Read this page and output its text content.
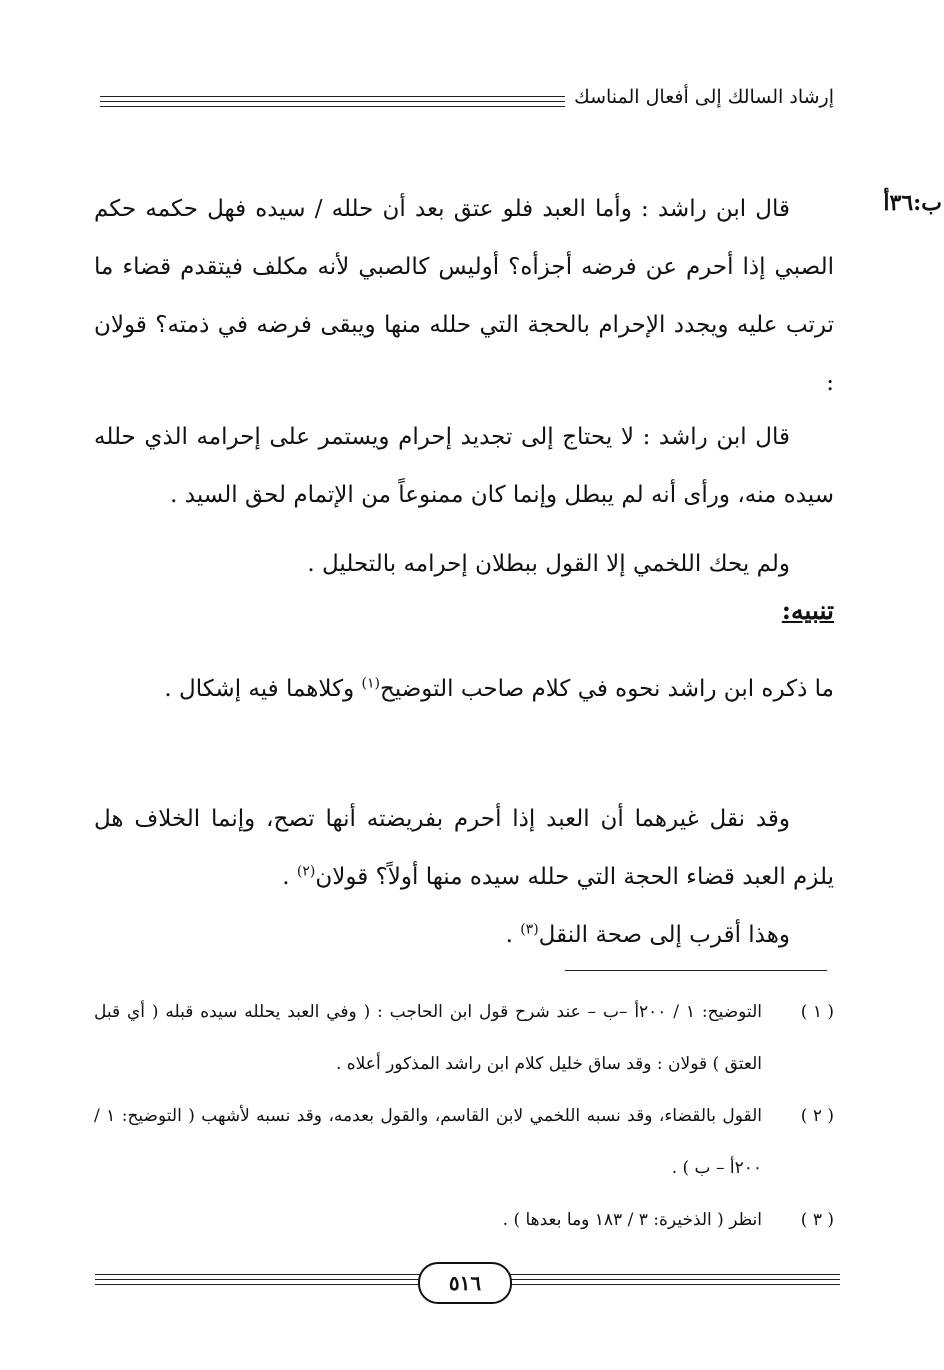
إرشاد السالك إلى أفعال المناسك
ب:٣٦أ
قال ابن راشد : وأما العبد فلو عتق بعد أن حلله / سيده فهل حكمه حكم الصبي إذا أحرم عن فرضه أجزأه؟ أوليس كالصبي لأنه مكلف فيتقدم قضاء ما ترتب عليه ويجدد الإحرام بالحجة التي حلله منها ويبقى فرضه في ذمته؟ قولان :
قال ابن راشد : لا يحتاج إلى تجديد إحرام ويستمر على إحرامه الذي حلله سيده منه، ورأى أنه لم يبطل وإنما كان ممنوعاً من الإتمام لحق السيد .
ولم يحك اللخمي إلا القول ببطلان إحرامه بالتحليل .
تنبيه:
ما ذكره ابن راشد نحوه في كلام صاحب التوضيح$^{(١)}$ وكلاهما فيه إشكال .
وقد نقل غيرهما أن العبد إذا أحرم بفريضته أنها تصح، وإنما الخلاف هل يلزم العبد قضاء الحجة التي حلله سيده منها أولاً؟ قولان$^{(٢)}$ .
وهذا أقرب إلى صحة النقل$^{(٣)}$ .
( ١ )
التوضيح: ١ / ٢٠٠أ –ب – عند شرح قول ابن الحاجب : ( وفي العبد يحلله سيده قبله ( أي قبل العتق ) قولان : وقد ساق خليل كلام ابن راشد المذكور أعلاه .
( ٢ )
القول بالقضاء، وقد نسبه اللخمي لابن القاسم، والقول بعدمه، وقد نسبه لأشهب ( التوضيح: ١ / ٢٠٠أ – ب ) .
( ٣ )
انظر ( الذخيرة: ٣ / ١٨٣ وما بعدها ) .
٥١٦
